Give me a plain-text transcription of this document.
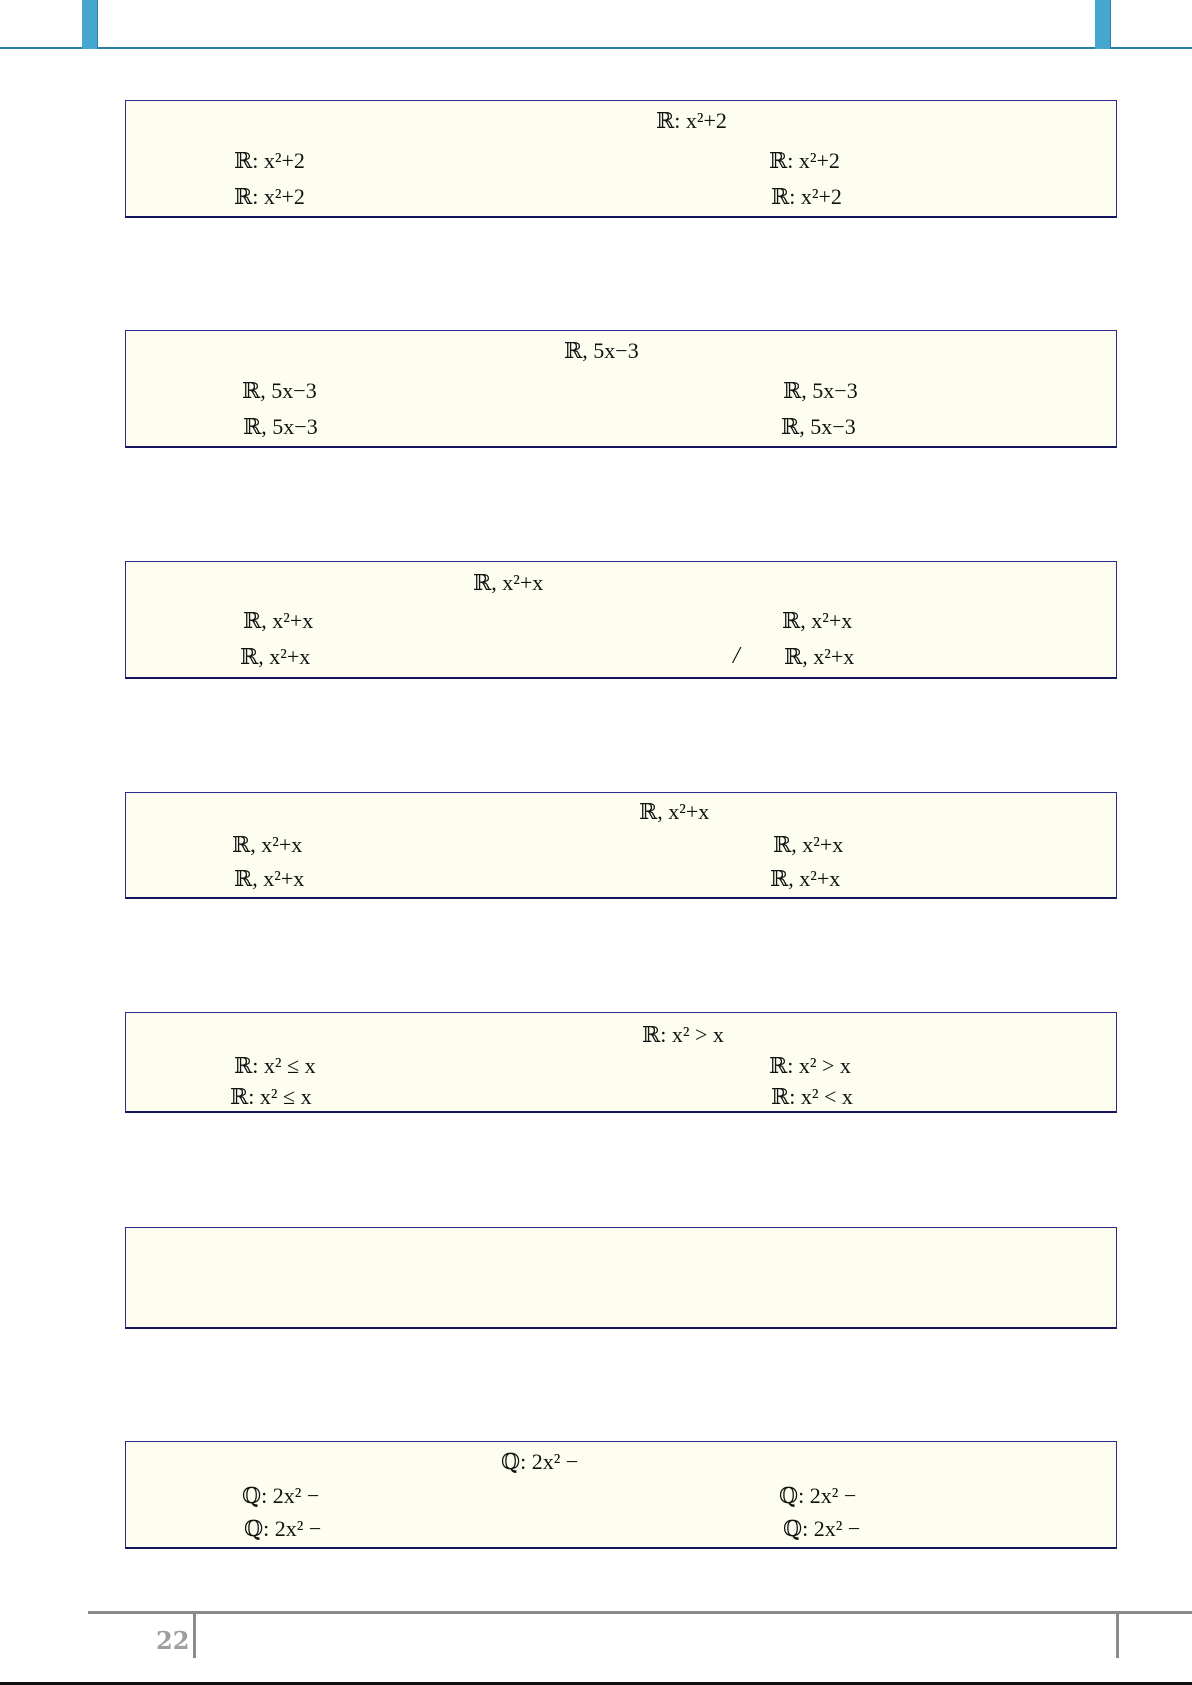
ℝ: x²+2
ℝ: x²+2	ℝ: x²+2
ℝ: x²+2	ℝ: x²+2
ℝ, 5x−3
ℝ, 5x−3	ℝ, 5x−3
ℝ, 5x−3	ℝ, 5x−3
ℝ, x²+x
ℝ, x²+x	ℝ, x²+x
ℝ, x²+x	/ ℝ, x²+x
ℝ, x²+x
ℝ, x²+x	ℝ, x²+x
ℝ, x²+x	ℝ, x²+x
ℝ: x² > x
ℝ: x² ≤ x	ℝ: x² > x
ℝ: x² ≤ x	ℝ: x² < x
ℚ: 2x² −
ℚ: 2x² −	ℚ: 2x² −
ℚ: 2x² −	ℚ: 2x² −
22
